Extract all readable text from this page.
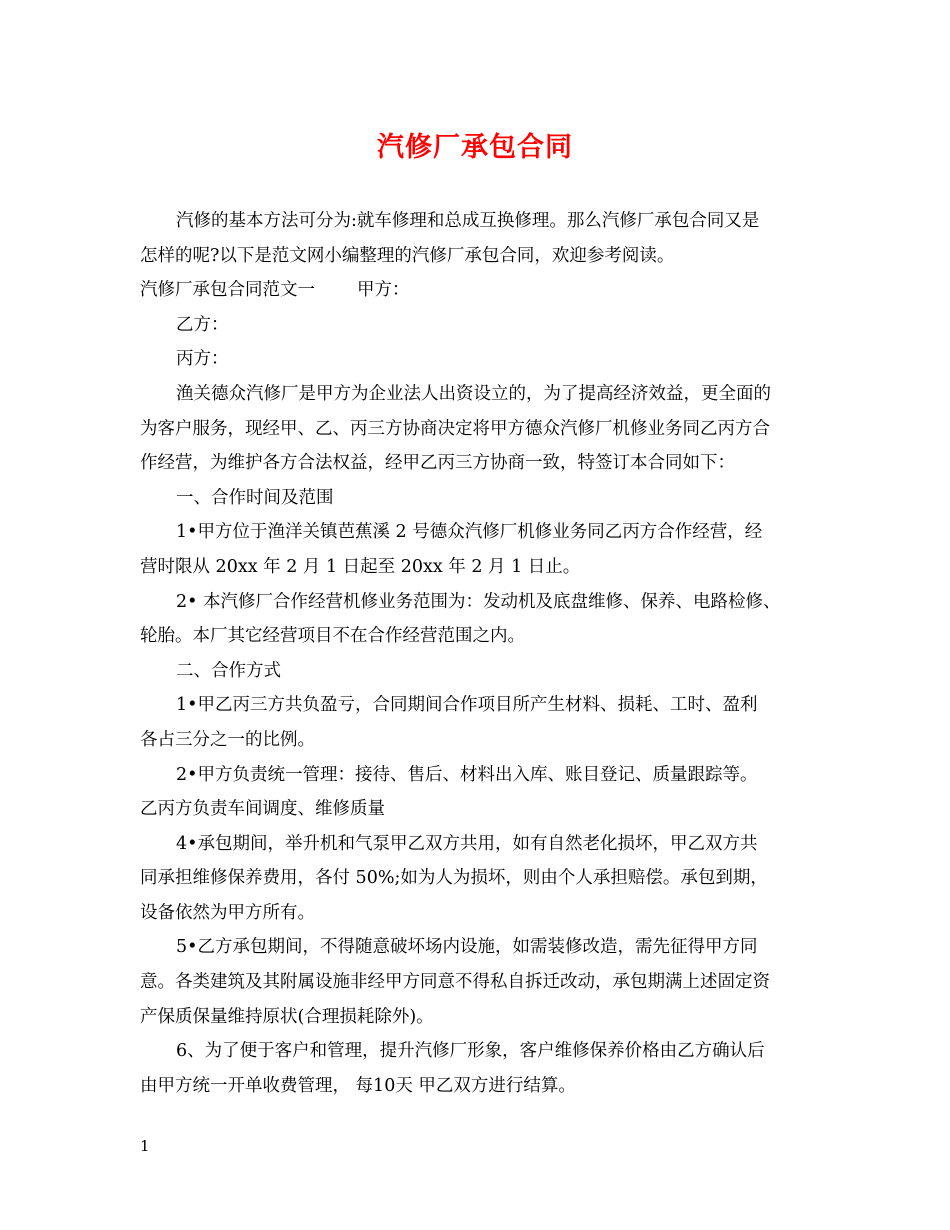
汽修厂承包合同
汽修的基本方法可分为:就车修理和总成互换修理。那么汽修厂承包合同又是
怎样的呢?以下是范文网小编整理的汽修厂承包合同，欢迎参考阅读。
汽修厂承包合同范文一 甲方：
乙方：
丙方：
渔关德众汽修厂是甲方为企业法人出资设立的，为了提高经济效益，更全面的
为客户服务，现经甲、乙、丙三方协商决定将甲方德众汽修厂机修业务同乙丙方合
作经营，为维护各方合法权益，经甲乙丙三方协商一致，特签订本合同如下：
一、合作时间及范围
1•甲方位于渔洋关镇芭蕉溪 2 号德众汽修厂机修业务同乙丙方合作经营，经
营时限从 20xx 年 2 月 1 日起至 20xx 年 2 月 1 日止。
2• 本汽修厂合作经营机修业务范围为：发动机及底盘维修、保养、电路检修、
轮胎。本厂其它经营项目不在合作经营范围之内。
二、合作方式
1•甲乙丙三方共负盈亏，合同期间合作项目所产生材料、损耗、工时、盈利
各占三分之一的比例。
2•甲方负责统一管理：接待、售后、材料出入库、账目登记、质量跟踪等。
乙丙方负责车间调度、维修质量
4•承包期间，举升机和气泵甲乙双方共用，如有自然老化损坏，甲乙双方共
同承担维修保养费用，各付 50%;如为人为损坏，则由个人承担赔偿。承包到期，
设备依然为甲方所有。
5•乙方承包期间，不得随意破坏场内设施，如需装修改造，需先征得甲方同
意。各类建筑及其附属设施非经甲方同意不得私自拆迁改动，承包期满上述固定资
产保质保量维持原状(合理损耗除外)。
6、为了便于客户和管理，提升汽修厂形象，客户维修保养价格由乙方确认后
由甲方统一开单收费管理， 每10天 甲乙双方进行结算。
1
